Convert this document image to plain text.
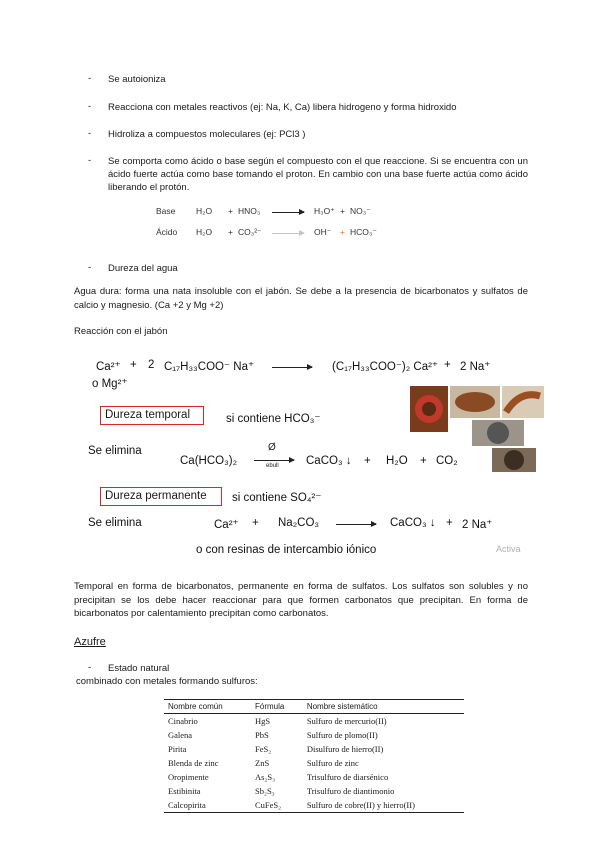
- Se autoioniza
- Reacciona con metales reactivos (ej: Na, K, Ca) libera hidrogeno y forma hidroxido
- Hidroliza a compuestos moleculares (ej: PCl3 )
- Se comporta como ácido o base según el compuesto con el que reaccione. Si se encuentra con un ácido fuerte actúa como base tomando el proton. En cambio con una base fuerte actúa como ácido liberando el protón.
Base H₂O + HNO₃ → H₃O⁺ + NO₃⁻
Ácido H₂O + CO₃²⁻	OH⁻ + HCO₃⁻
- Dureza del agua
Agua dura: forma una nata insoluble con el jabón. Se debe a la presencia de bicarbonatos y sulfatos de calcio y magnesio. (Ca +2 y Mg +2)
Reacción con el jabón
Ca²⁺ + 2 C₁₇H₃₃COO⁻ Na⁺ → (C₁₇H₃₃COO⁻)₂ Ca²⁺ + 2 Na⁺
o Mg²⁺
Dureza temporal	si contiene HCO₃⁻
Se elimina
Ca(HCO₃)₂
Ø
ebull CaCO₃ ↓ + H₂O + CO₂
Dureza permanente	si contiene SO₄²⁻
Se elimina	Ca²⁺ + Na₂CO₃ → CaCO₃ ↓ + 2 Na⁺
o con resinas de intercambio iónico	Activa
Temporal en forma de bicarbonatos, permanente en forma de sulfatos. Los sulfatos son solubles y no precipitan se los debe hacer reaccionar para que formen carbonatos que precipitan. En forma de bicarbonatos por calentamiento precipitan como carbonatos.
Azufre
- Estado natural
combinado con metales formando sulfuros:
Nombre común	Fórmula	Nombre sistemático
Cinabrio	HgS	Sulfuro de mercurio(II)
Galena	PbS	Sulfuro de plomo(II)
Pirita	FeS₂	Disulfuro de hierro(II)
Blenda de zinc	ZnS	Sulfuro de zinc
Oropimente	As₂S₃	Trisulfuro de diarsénico
Estibinita	Sb₂S₃	Trisulfuro de diantimonio
Calcopirita	CuFeS₂	Sulfuro de cobre(II) y hierro(II)
